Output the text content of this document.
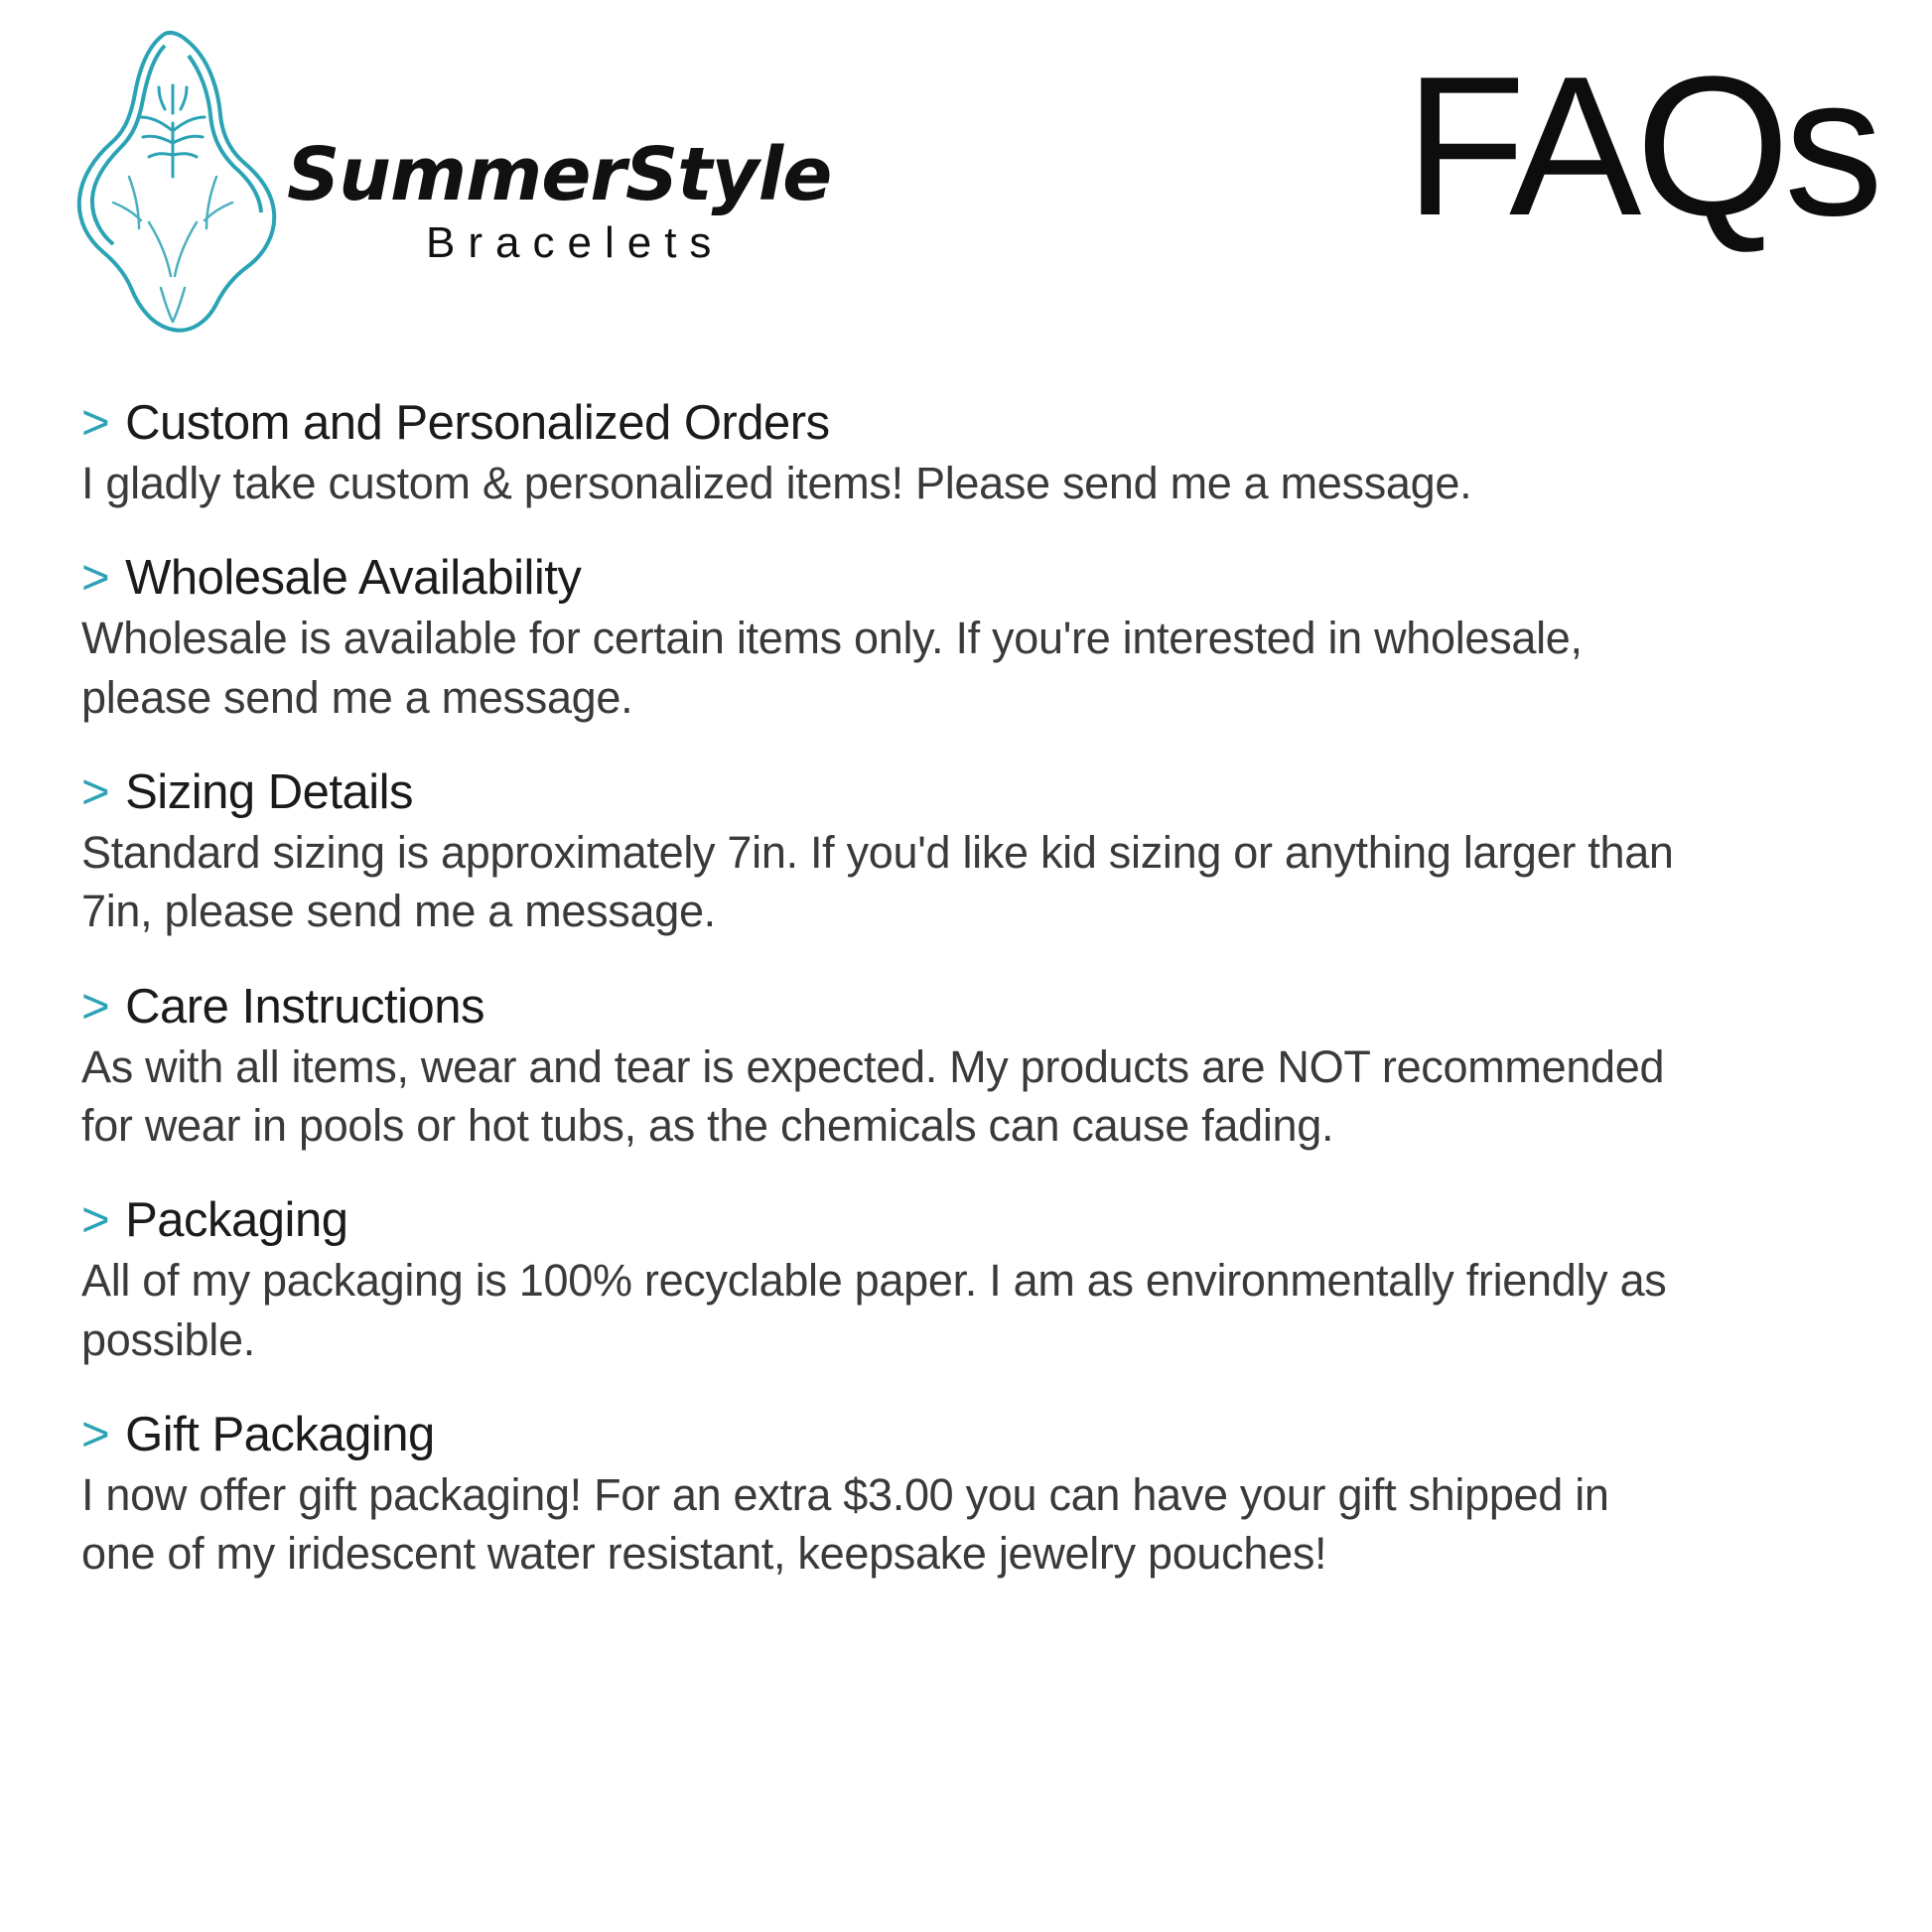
SummerStyle
Bracelets	FAQs
> Custom and Personalized Orders
I gladly take custom & personalized items! Please send me a message.
> Wholesale Availability
Wholesale is available for certain items only. If you're interested in wholesale, please send me a message.
> Sizing Details
Standard sizing is approximately 7in. If you'd like kid sizing or anything larger than 7in, please send me a message.
> Care Instructions
As with all items, wear and tear is expected. My products are NOT recommended for wear in pools or hot tubs, as the chemicals can cause fading.
> Packaging
All of my packaging is 100% recyclable paper. I am as environmentally friendly as possible.
> Gift Packaging
I now offer gift packaging! For an extra $3.00 you can have your gift shipped in one of my iridescent water resistant, keepsake jewelry pouches!
